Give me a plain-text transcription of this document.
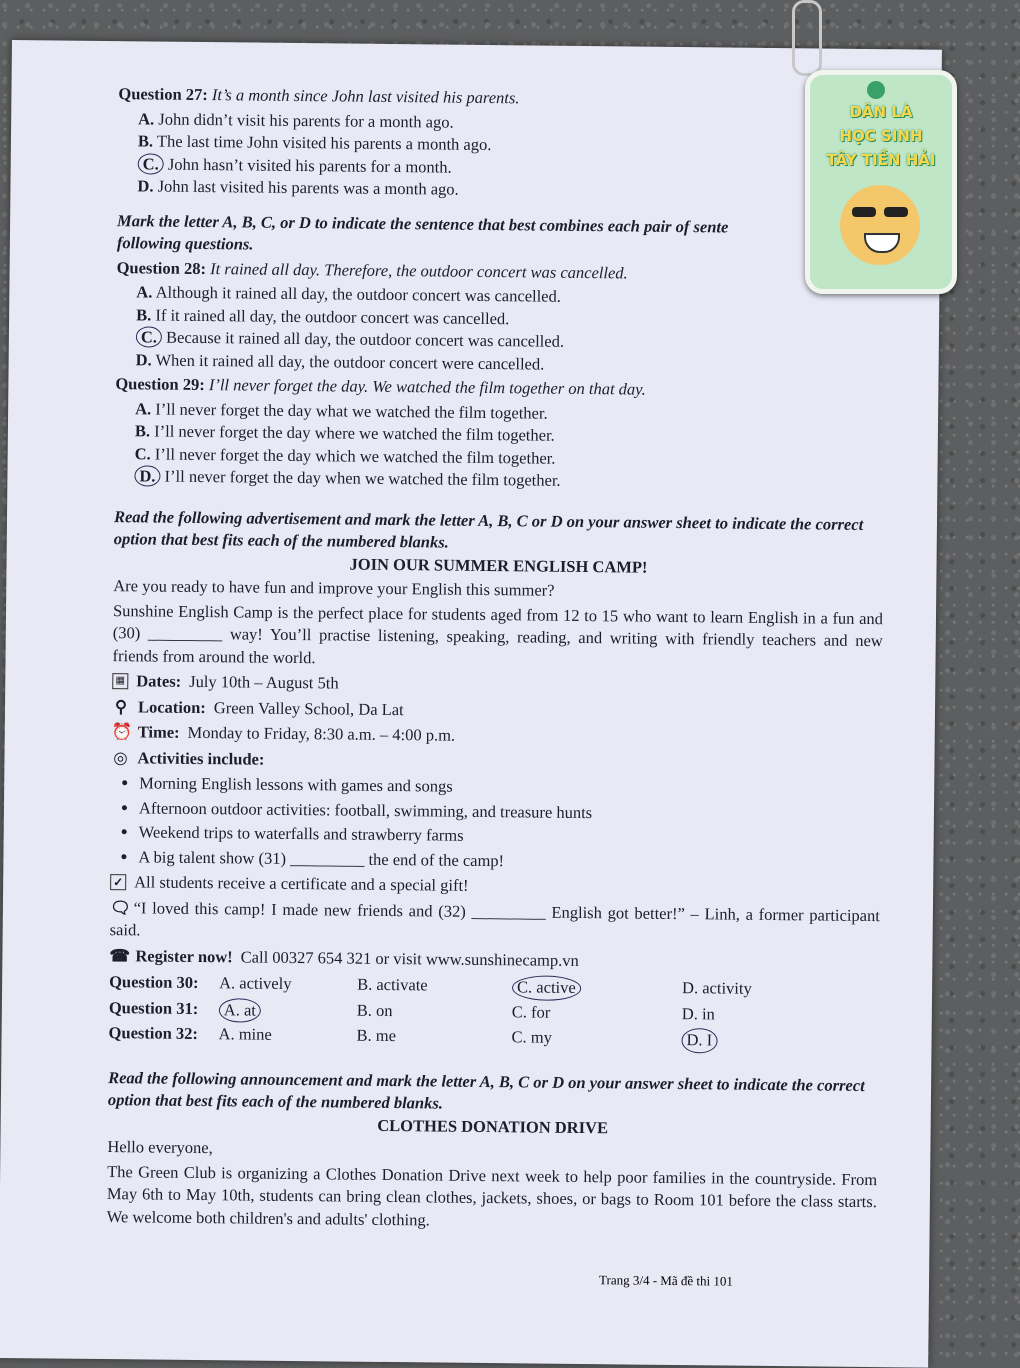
Question 27: It’s a month since John last visited his parents.
A. John didn’t visit his parents for a month ago.
B. The last time John visited his parents a month ago.
C. John hasn’t visited his parents for a month.
D. John last visited his parents was a month ago.
Mark the letter A, B, C, or D to indicate the sentence that best combines each pair of sente
following questions.
Question 28: It rained all day. Therefore, the outdoor concert was cancelled.
A. Although it rained all day, the outdoor concert was cancelled.
B. If it rained all day, the outdoor concert was cancelled.
C. Because it rained all day, the outdoor concert was cancelled.
D. When it rained all day, the outdoor concert were cancelled.
Question 29: I’ll never forget the day. We watched the film together on that day.
A. I’ll never forget the day what we watched the film together.
B. I’ll never forget the day where we watched the film together.
C. I’ll never forget the day which we watched the film together.
D. I’ll never forget the day when we watched the film together.
Read the following advertisement and mark the letter A, B, C or D on your answer sheet to indicate the correct option that best fits each of the numbered blanks.
JOIN OUR SUMMER ENGLISH CAMP!
Are you ready to have fun and improve your English this summer?
Sunshine English Camp is the perfect place for students aged from 12 to 15 who want to learn English in a fun and (30) _________ way! You’ll practise listening, speaking, reading, and writing with friendly teachers and new friends from around the world.
▦ Dates: July 10th – August 5th
⚲ Location: Green Valley School, Da Lat
⏰ Time: Monday to Friday, 8:30 a.m. – 4:00 p.m.
◎ Activities include:
• Morning English lessons with games and songs
• Afternoon outdoor activities: football, swimming, and treasure hunts
• Weekend trips to waterfalls and strawberry farms
• A big talent show (31) _________ the end of the camp!
✓ All students receive a certificate and a special gift!
🗨 “I loved this camp! I made new friends and (32) _________ English got better!” – Linh, a former participant said.
☎ Register now! Call 00327 654 321 or visit www.sunshinecamp.vn
Question 30:	A. actively	B. activate	C. active	D. activity
Question 31:	A. at	B. on	C. for	D. in
Question 32:	A. mine	B. me	C. my	D. I
Read the following announcement and mark the letter A, B, C or D on your answer sheet to indicate the correct option that best fits each of the numbered blanks.
CLOTHES DONATION DRIVE
Hello everyone,
The Green Club is organizing a Clothes Donation Drive next week to help poor families in the countryside. From May 6th to May 10th, students can bring clean clothes, jackets, shoes, or bags to Room 101 before the class starts. We welcome both children's and adults' clothing.
Trang 3/4 - Mã đề thi 101
DÂN LÀ
HỌC SINH
TÂY TIỀN HẢI
